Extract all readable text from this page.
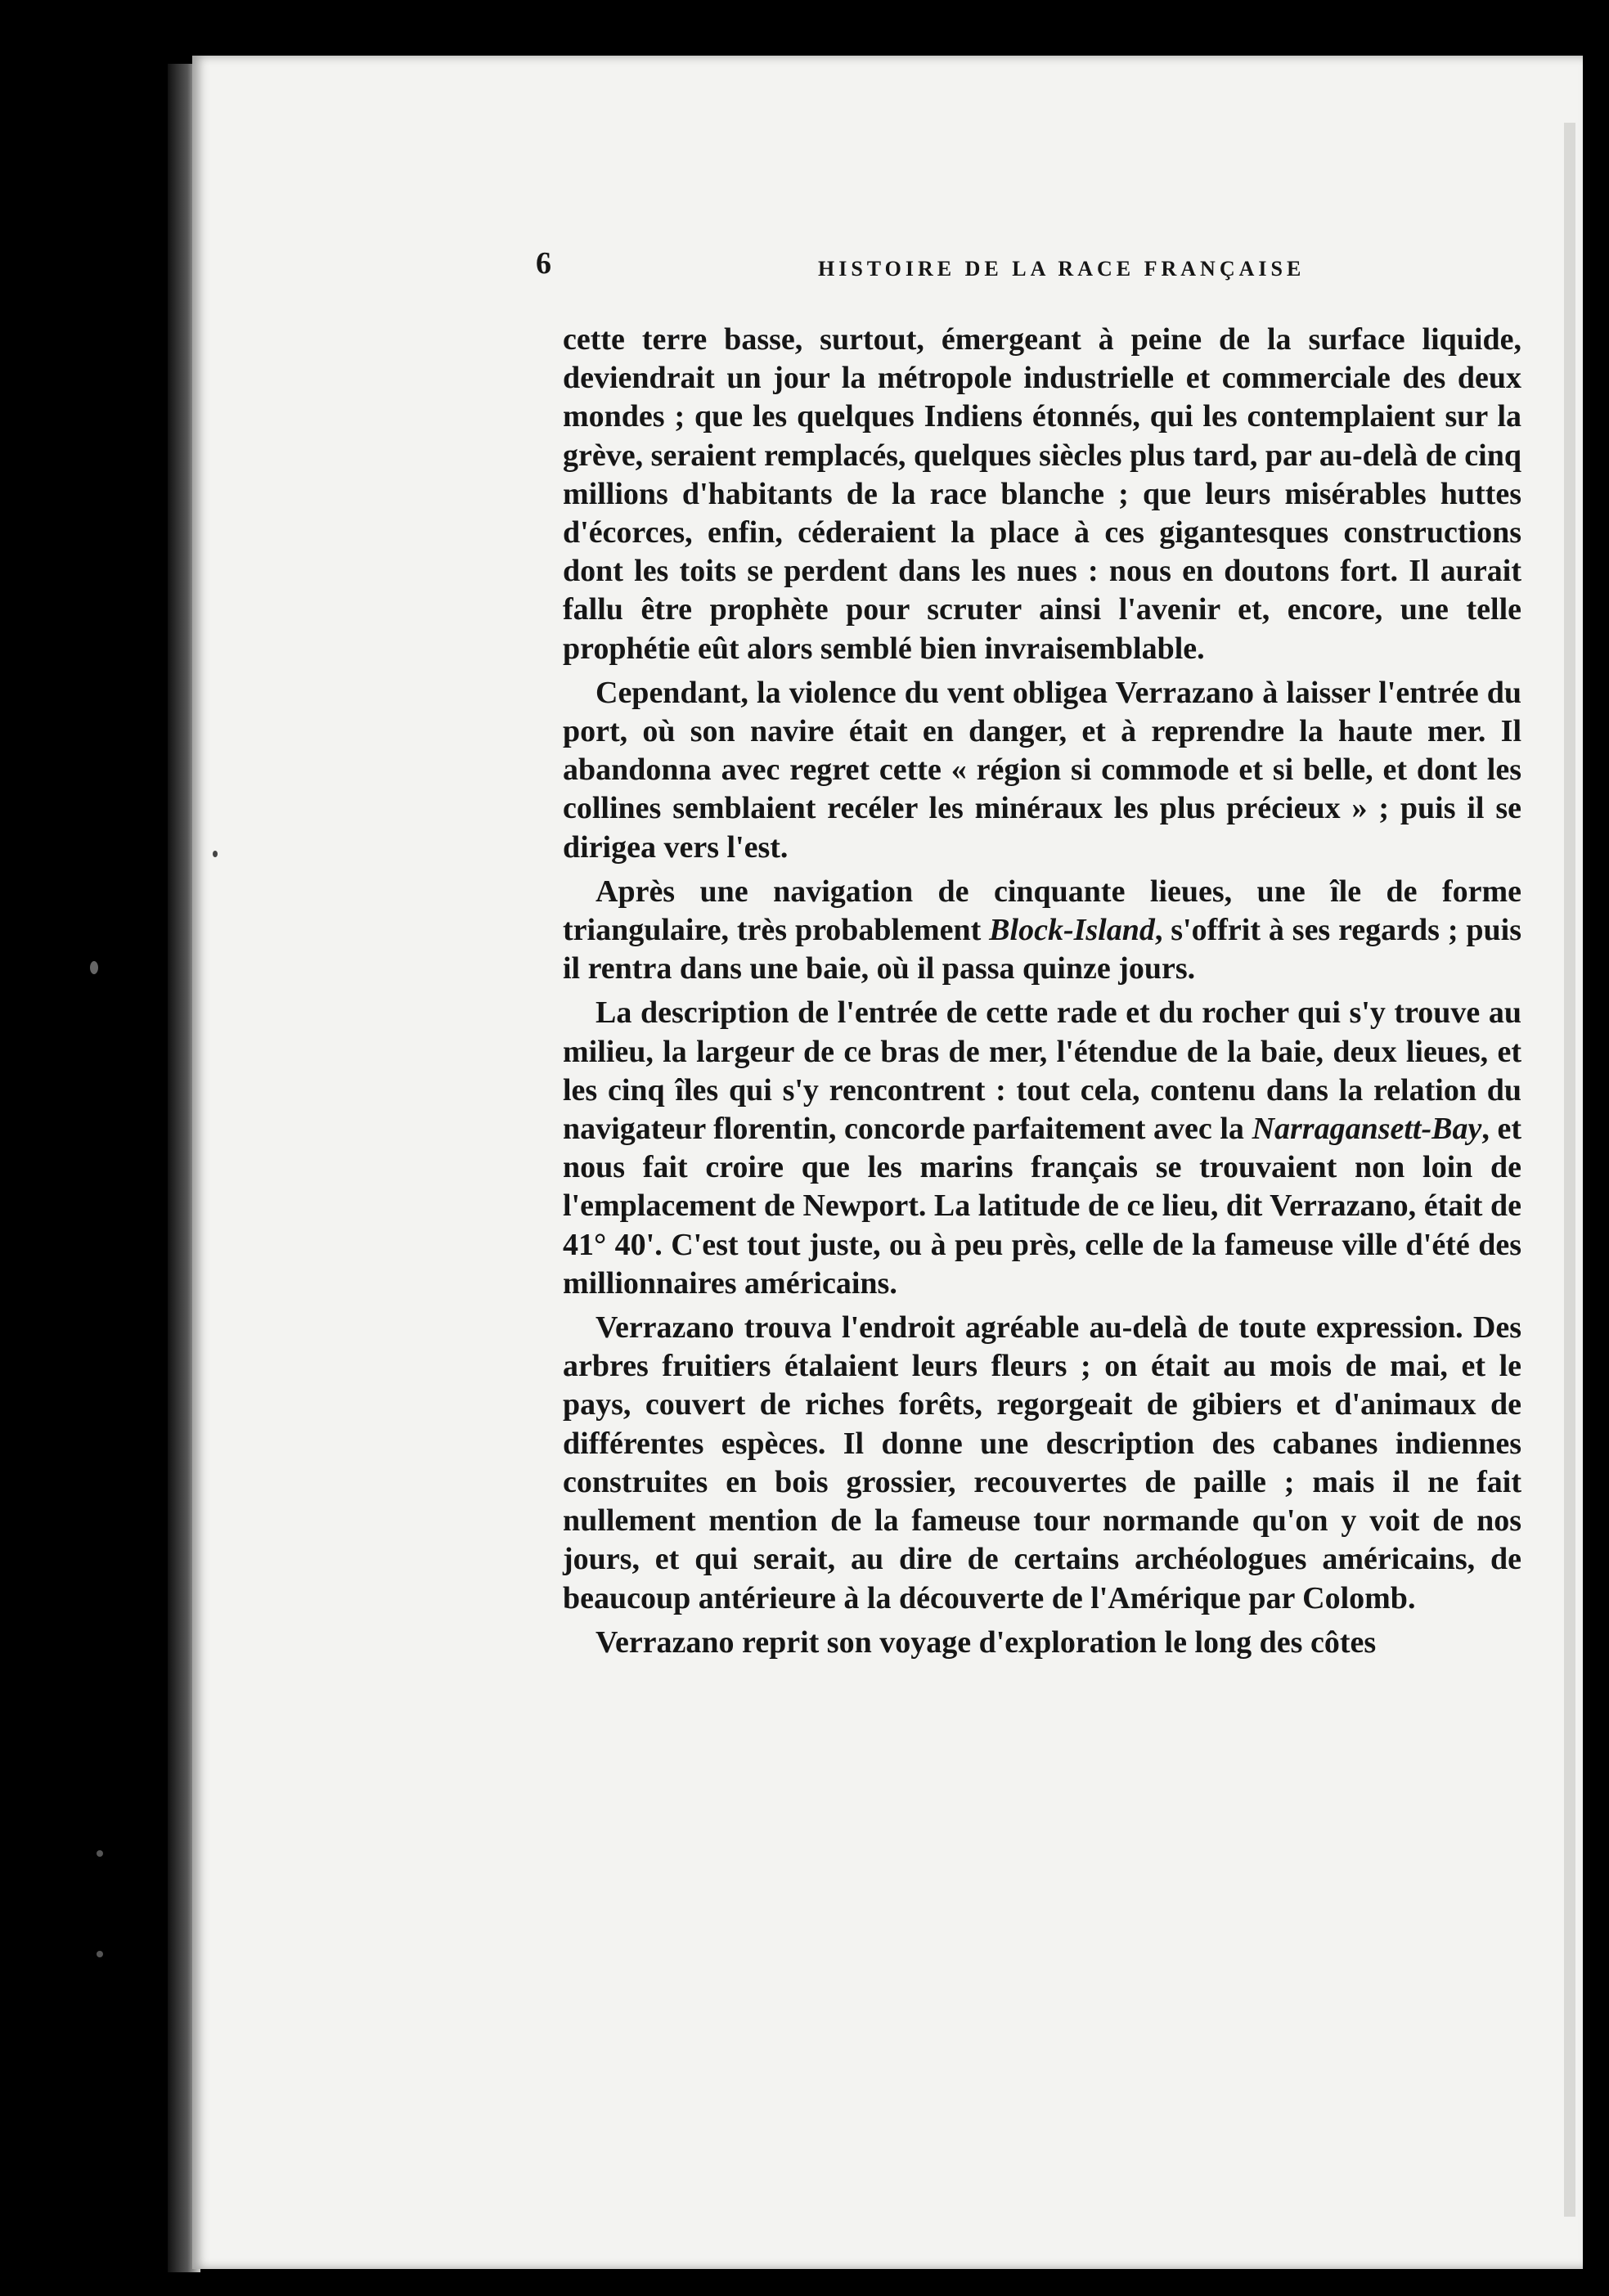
6	HISTOIRE DE LA RACE FRANÇAISE

cette terre basse, surtout, émergeant à peine de la surface liquide, deviendrait un jour la métropole industrielle et commerciale des deux mondes ; que les quelques Indiens étonnés, qui les contemplaient sur la grève, seraient remplacés, quelques siècles plus tard, par au-delà de cinq millions d'habitants de la race blanche ; que leurs misérables huttes d'écorces, enfin, céderaient la place à ces gigantesques constructions dont les toits se perdent dans les nues : nous en doutons fort. Il aurait fallu être prophète pour scruter ainsi l'avenir et, encore, une telle prophétie eût alors semblé bien invraisemblable.

Cependant, la violence du vent obligea Verrazano à laisser l'entrée du port, où son navire était en danger, et à reprendre la haute mer. Il abandonna avec regret cette « région si commode et si belle, et dont les collines semblaient recéler les minéraux les plus précieux » ; puis il se dirigea vers l'est.

Après une navigation de cinquante lieues, une île de forme triangulaire, très probablement Block-Island, s'offrit à ses regards ; puis il rentra dans une baie, où il passa quinze jours.

La description de l'entrée de cette rade et du rocher qui s'y trouve au milieu, la largeur de ce bras de mer, l'étendue de la baie, deux lieues, et les cinq îles qui s'y rencontrent : tout cela, contenu dans la relation du navigateur florentin, concorde parfaitement avec la Narragansett-Bay, et nous fait croire que les marins français se trouvaient non loin de l'emplacement de Newport. La latitude de ce lieu, dit Verrazano, était de 41° 40'. C'est tout juste, ou à peu près, celle de la fameuse ville d'été des millionnaires américains.

Verrazano trouva l'endroit agréable au-delà de toute expression. Des arbres fruitiers étalaient leurs fleurs ; on était au mois de mai, et le pays, couvert de riches forêts, regorgeait de gibiers et d'animaux de différentes espèces. Il donne une description des cabanes indiennes construites en bois grossier, recouvertes de paille ; mais il ne fait nullement mention de la fameuse tour normande qu'on y voit de nos jours, et qui serait, au dire de certains archéologues américains, de beaucoup antérieure à la découverte de l'Amérique par Colomb.

Verrazano reprit son voyage d'exploration le long des côtes
